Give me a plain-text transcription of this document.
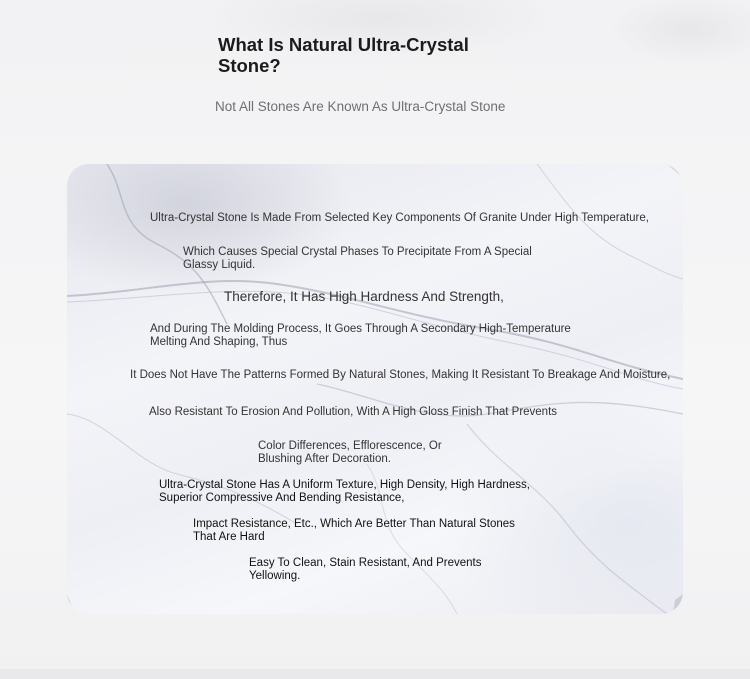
What Is Natural Ultra-Crystal Stone?

Not All Stones Are Known As Ultra-Crystal Stone

Ultra-Crystal Stone Is Made From Selected Key Components Of Granite Under High Temperature,

Which Causes Special Crystal Phases To Precipitate From A Special

Glassy Liquid.

Therefore, It Has High Hardness And Strength,

And During The Molding Process, It Goes Through A Secondary High-Temperature

Melting And Shaping, Thus

It Does Not Have The Patterns Formed By Natural Stones, Making It Resistant To Breakage And Moisture,

Also Resistant To Erosion And Pollution, With A High Gloss Finish That Prevents

Color Differences, Efflorescence, Or

Blushing After Decoration.

Ultra-Crystal Stone Has A Uniform Texture, High Density, High Hardness,

Superior Compressive And Bending Resistance,

Impact Resistance, Etc., Which Are Better Than Natural Stones

That Are Hard

Easy To Clean, Stain Resistant, And Prevents

Yellowing.
